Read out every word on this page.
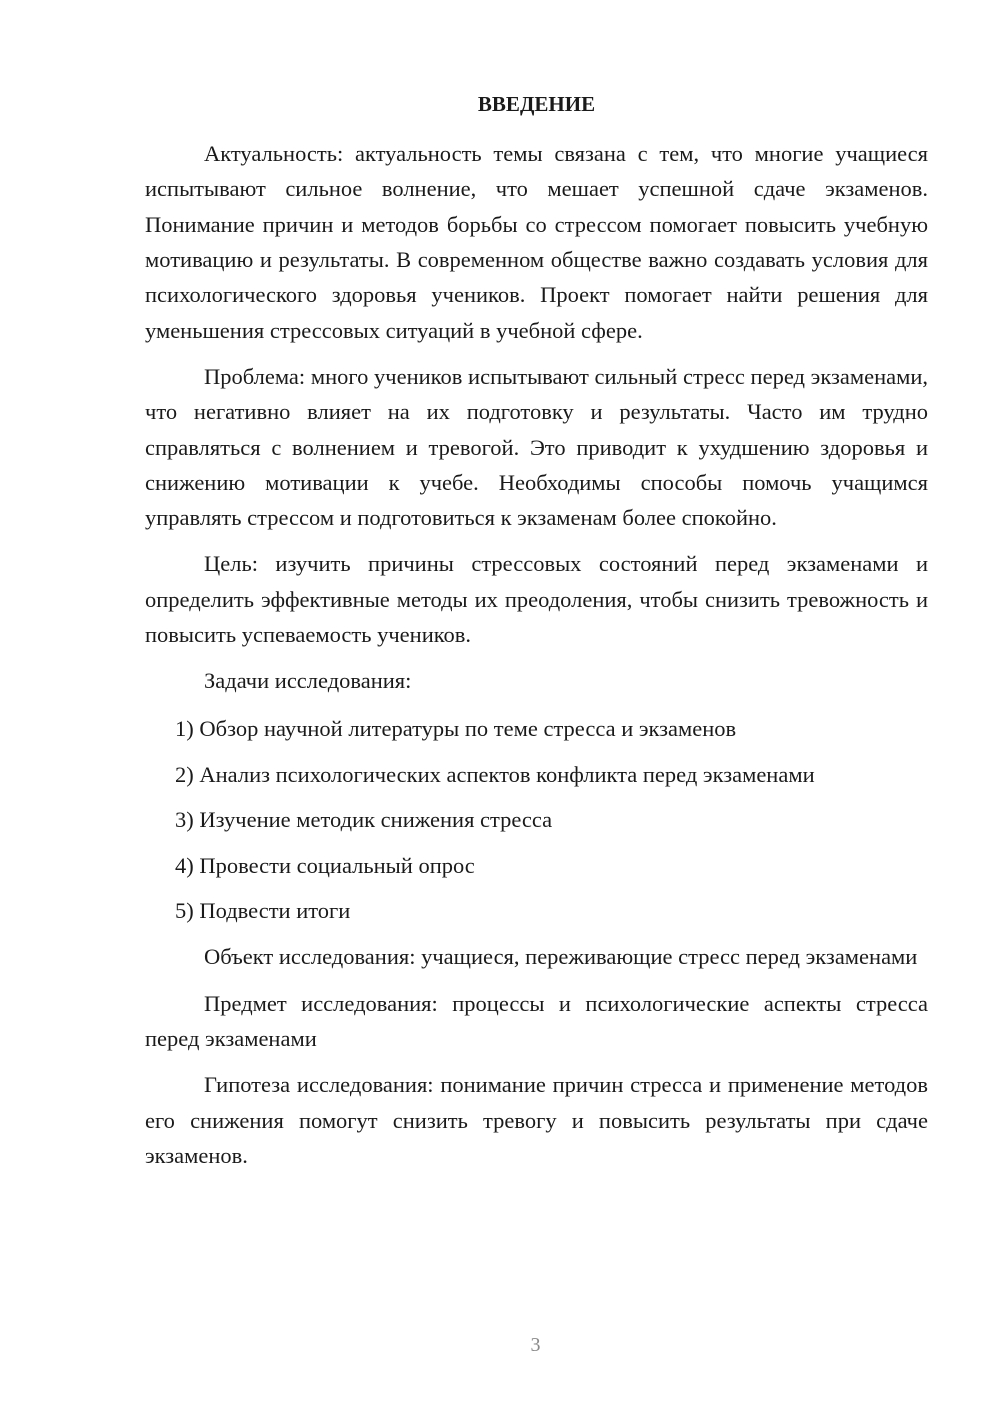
ВВЕДЕНИЕ

Актуальность: актуальность темы связана с тем, что многие учащиеся испытывают сильное волнение, что мешает успешной сдаче экзаменов. Понимание причин и методов борьбы со стрессом помогает повысить учебную мотивацию и результаты. В современном обществе важно создавать условия для психологического здоровья учеников. Проект помогает найти решения для уменьшения стрессовых ситуаций в учебной сфере.

Проблема: много учеников испытывают сильный стресс перед экзаменами, что негативно влияет на их подготовку и результаты. Часто им трудно справляться с волнением и тревогой. Это приводит к ухудшению здоровья и снижению мотивации к учебе. Необходимы способы помочь учащимся управлять стрессом и подготовиться к экзаменам более спокойно.

Цель: изучить причины стрессовых состояний перед экзаменами и определить эффективные методы их преодоления, чтобы снизить тревожность и повысить успеваемость учеников.

Задачи исследования:

1) Обзор научной литературы по теме стресса и экзаменов
2) Анализ психологических аспектов конфликта перед экзаменами
3) Изучение методик снижения стресса
4) Провести социальный опрос
5) Подвести итоги

Объект исследования: учащиеся, переживающие стресс перед экзаменами

Предмет исследования: процессы и психологические аспекты стресса перед экзаменами

Гипотеза исследования: понимание причин стресса и применение методов его снижения помогут снизить тревогу и повысить результаты при сдаче экзаменов.

3
